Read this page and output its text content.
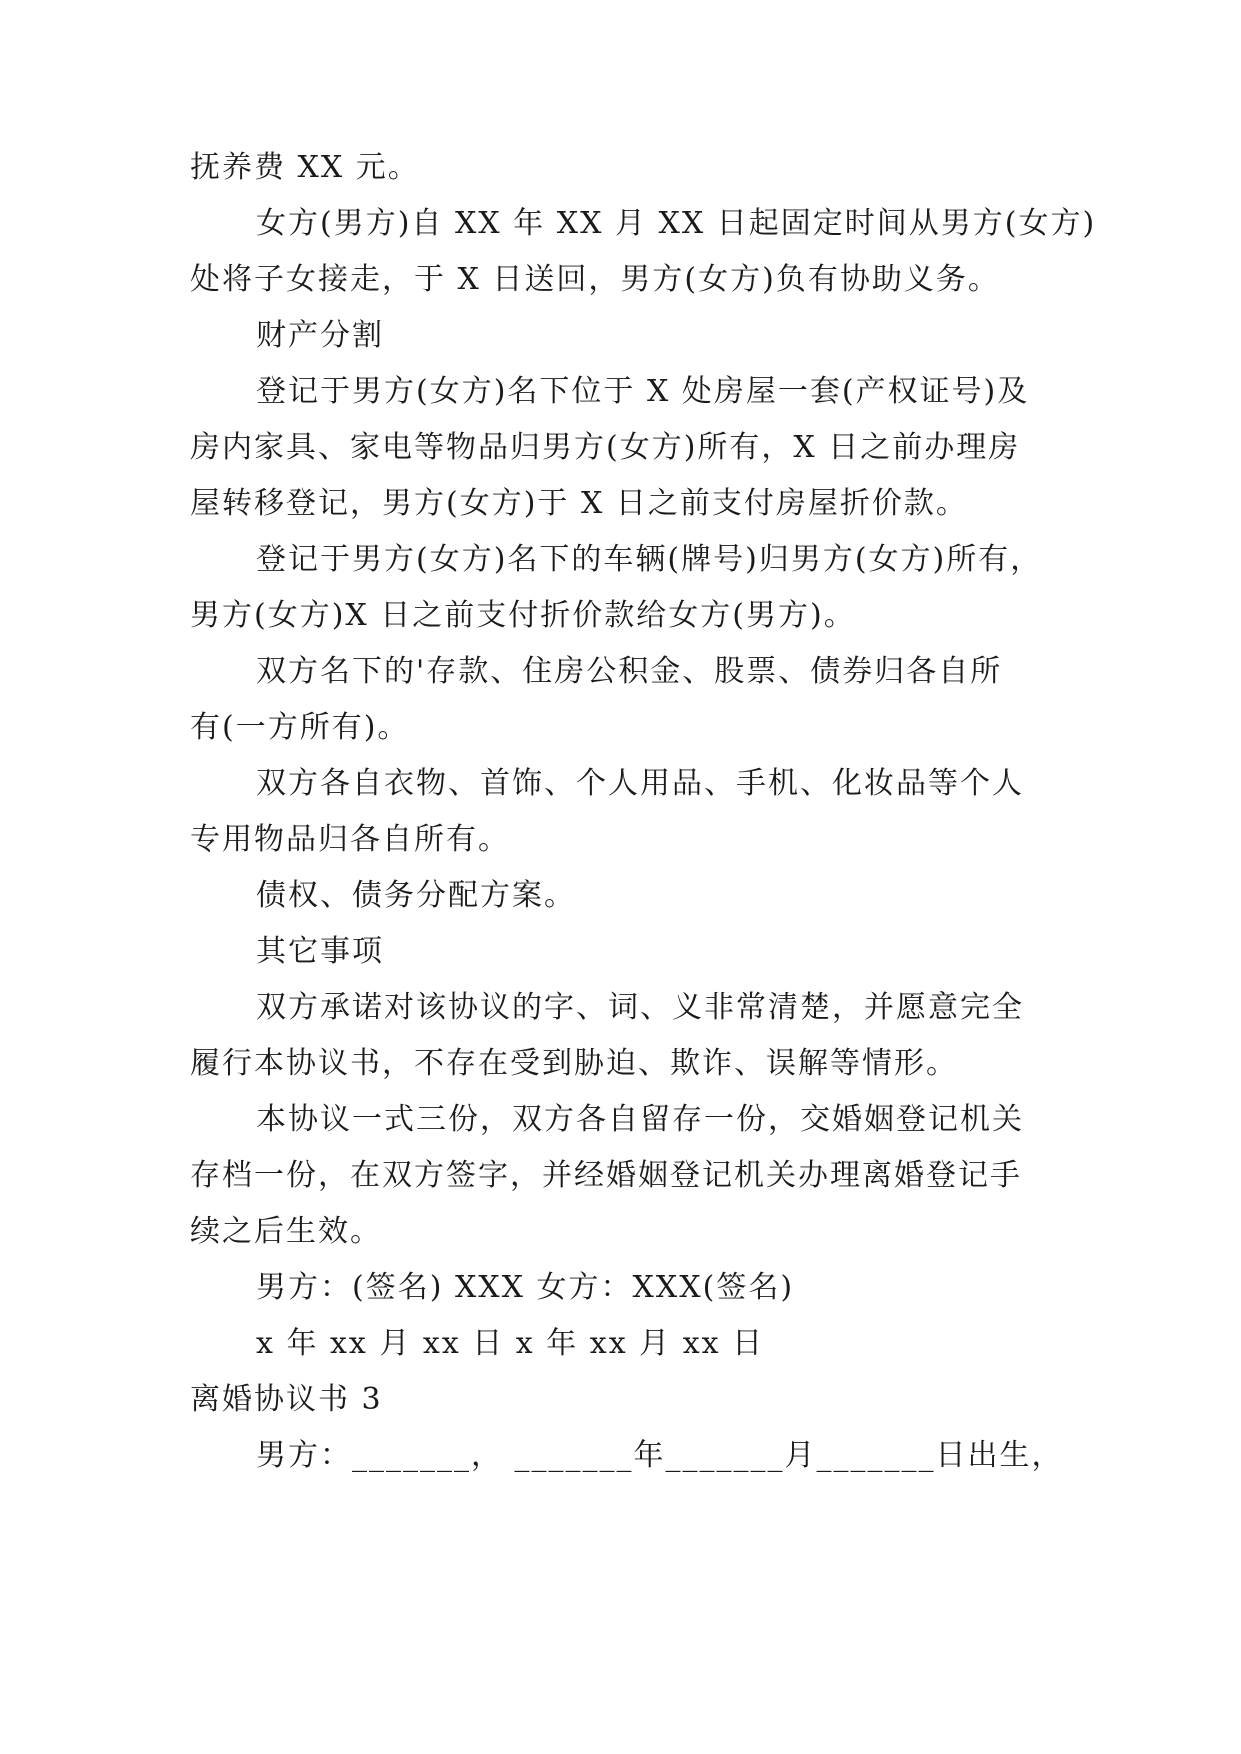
抚养费 XX 元。
女方(男方)自 XX 年 XX 月 XX 日起固定时间从男方(女方)
处将子女接走，于 X 日送回，男方(女方)负有协助义务。
财产分割
登记于男方(女方)名下位于 X 处房屋一套(产权证号)及
房内家具、家电等物品归男方(女方)所有，X 日之前办理房
屋转移登记，男方(女方)于 X 日之前支付房屋折价款。
登记于男方(女方)名下的车辆(牌号)归男方(女方)所有，
男方(女方)X 日之前支付折价款给女方(男方)。
双方名下的'存款、住房公积金、股票、债券归各自所
有(一方所有)。
双方各自衣物、首饰、个人用品、手机、化妆品等个人
专用物品归各自所有。
债权、债务分配方案。
其它事项
双方承诺对该协议的字、词、义非常清楚，并愿意完全
履行本协议书，不存在受到胁迫、欺诈、误解等情形。
本协议一式三份，双方各自留存一份，交婚姻登记机关
存档一份，在双方签字，并经婚姻登记机关办理离婚登记手
续之后生效。
男方：(签名) XXX 女方：XXX(签名)
x 年 xx 月 xx 日 x 年 xx 月 xx 日
离婚协议书 3
男方：_______， _______年_______月_______日出生，
